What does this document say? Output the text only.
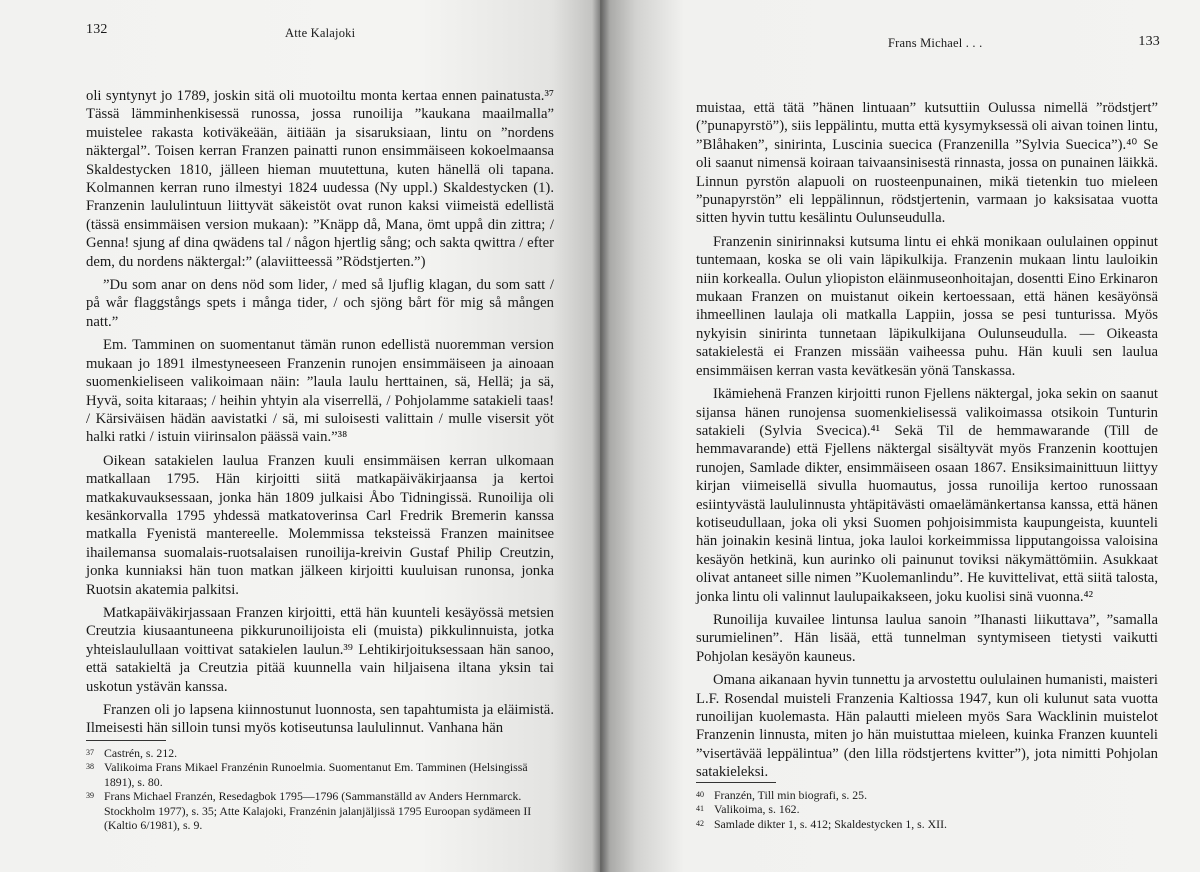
132	Atte Kalajoki

oli syntynyt jo 1789, joskin sitä oli muotoiltu monta kertaa ennen painatusta.³⁷ Tässä lämminhenkisessä runossa, jossa runoilija ”kaukana maailmalla” muistelee rakasta kotiväkeään, äitiään ja sisaruksiaan, lintu on ”nordens näktergal”. Toisen kerran Franzen painatti runon ensimmäiseen kokoelmaansa Skaldestycken 1810, jälleen hieman muutettuna, kuten hänellä oli tapana. Kolmannen kerran runo ilmestyi 1824 uudessa (Ny uppl.) Skaldestycken (1). Franzenin laululintuun liittyvät säkeistöt ovat runon kaksi viimeistä edellistä (tässä ensimmäisen version mukaan): ”Knäpp då, Mana, ömt uppå din zittra; / Genna! sjung af dina qwädens tal / någon hjertlig sång; och sakta qwittra / efter dem, du nordens näktergal:” (alaviitteessä ”Rödstjerten.”)

”Du som anar on dens nöd som lider, / med så ljuflig klagan, du som satt / på wår flaggstångs spets i många tider, / och sjöng bårt för mig så mången natt.”

Em. Tamminen on suomentanut tämän runon edellistä nuoremman version mukaan jo 1891 ilmestyneeseen Franzenin runojen ensimmäiseen ja ainoaan suomenkieliseen valikoimaan näin: ”laula laulu herttainen, sä, Hellä; ja sä, Hyvä, soita kitaraas; / heihin yhtyin ala viserrellä, / Pohjolamme satakieli taas! / Kärsiväisen hädän aavistatki / sä, mi suloisesti valittain / mulle visersit yöt halki ratki / istuin viirinsalon päässä vain.”³⁸

Oikean satakielen laulua Franzen kuuli ensimmäisen kerran ulkomaan matkallaan 1795. Hän kirjoitti siitä matkapäiväkirjaansa ja kertoi matkakuvauksessaan, jonka hän 1809 julkaisi Åbo Tidningissä. Runoilija oli kesänkorvalla 1795 yhdessä matkatoverinsa Carl Fredrik Bremerin kanssa matkalla Fyenistä mantereelle. Molemmissa teksteissä Franzen mainitsee ihailemansa suomalais-ruotsalaisen runoilija-kreivin Gustaf Philip Creutzin, jonka kunniaksi hän tuon matkan jälkeen kirjoitti kuuluisan runonsa, jonka Ruotsin akatemia palkitsi.

Matkapäiväkirjassaan Franzen kirjoitti, että hän kuunteli kesäyössä metsien Creutzia kiusaantuneena pikkurunoilijoista eli (muista) pikkulinnuista, jotka yhteislaulullaan voittivat satakielen laulun.³⁹ Lehtikirjoituksessaan hän sanoo, että satakieltä ja Creutzia pitää kuunnella vain hiljaisena iltana yksin tai uskotun ystävän kanssa.

Franzen oli jo lapsena kiinnostunut luonnosta, sen tapahtumista ja eläimistä. Ilmeisesti hän silloin tunsi myös kotiseutunsa laululinnut. Vanhana hän

$^{37}$ Castrén, s. 212.

$^{38}$ Valikoima Frans Mikael Franzénin Runoelmia. Suomentanut Em. Tamminen (Helsingissä 1891), s. 80.

$^{39}$ Frans Michael Franzén, Resedagbok 1795—1796 (Sammanställd av Anders Hernmarck. Stockholm 1977), s. 35; Atte Kalajoki, Franzénin jalanjäljissä 1795 Euroopan sydämeen II (Kaltio 6/1981), s. 9.

Frans Michael . . .	133

muistaa, että tätä ”hänen lintuaan” kutsuttiin Oulussa nimellä ”rödstjert” (”punapyrstö”), siis leppälintu, mutta että kysymyksessä oli aivan toinen lintu, ”Blåhaken”, sinirinta, Luscinia suecica (Franzenilla ”Sylvia Suecica”).⁴⁰ Se oli saanut nimensä koiraan taivaansinisestä rinnasta, jossa on punainen läikkä. Linnun pyrstön alapuoli on ruosteenpunainen, mikä tietenkin tuo mieleen ”punapyrstön” eli leppälinnun, rödstjertenin, varmaan jo kaksisataa vuotta sitten hyvin tuttu kesälintu Oulunseudulla.

Franzenin sinirinnaksi kutsuma lintu ei ehkä monikaan oululainen oppinut tuntemaan, koska se oli vain läpikulkija. Franzenin mukaan lintu lauloikin niin korkealla. Oulun yliopiston eläinmuseonhoitajan, dosentti Eino Erkinaron mukaan Franzen on muistanut oikein kertoessaan, että hänen kesäyönsä ihmeellinen laulaja oli matkalla Lappiin, jossa se pesi tunturissa. Myös nykyisin sinirinta tunnetaan läpikulkijana Oulunseudulla. — Oikeasta satakielestä ei Franzen missään vaiheessa puhu. Hän kuuli sen laulua ensimmäisen kerran vasta kevätkesän yönä Tanskassa.

Ikämiehenä Franzen kirjoitti runon Fjellens näktergal, joka sekin on saanut sijansa hänen runojensa suomenkielisessä valikoimassa otsikoin Tunturin satakieli (Sylvia Svecica).⁴¹ Sekä Til de hemmawarande (Till de hemmavarande) että Fjellens näktergal sisältyvät myös Franzenin koottujen runojen, Samlade dikter, ensimmäiseen osaan 1867. Ensiksimainittuun liittyy kirjan viimeisellä sivulla huomautus, jossa runoilija kertoo runossaan esiintyvästä laululinnusta yhtäpitävästi omaelämänkertansa kanssa, että hänen kotiseudullaan, joka oli yksi Suomen pohjoisimmista kaupungeista, kuunteli hän joinakin kesinä lintua, joka lauloi korkeimmissa lipputangoissa valoisina kesäyön hetkinä, kun aurinko oli painunut toviksi näkymättömiin. Asukkaat olivat antaneet sille nimen ”Kuolemanlindu”. He kuvittelivat, että siitä talosta, jonka lintu oli valinnut laulupaikakseen, joku kuolisi sinä vuonna.⁴²

Runoilija kuvailee lintunsa laulua sanoin ”Ihanasti liikuttava”, ”samalla surumielinen”. Hän lisää, että tunnelman syntymiseen tietysti vaikutti Pohjolan kesäyön kauneus.

Omana aikanaan hyvin tunnettu ja arvostettu oululainen humanisti, maisteri L.F. Rosendal muisteli Franzenia Kaltiossa 1947, kun oli kulunut sata vuotta runoilijan kuolemasta. Hän palautti mieleen myös Sara Wacklinin muistelot Franzenin linnusta, miten jo hän muistuttaa mieleen, kuinka Franzen kuunteli ”visertävää leppälintua” (den lilla rödstjertens kvitter”), jota nimitti Pohjolan satakieleksi.

$^{40}$ Franzén, Till min biografi, s. 25.

$^{41}$ Valikoima, s. 162.

$^{42}$ Samlade dikter 1, s. 412; Skaldestycken 1, s. XII.
